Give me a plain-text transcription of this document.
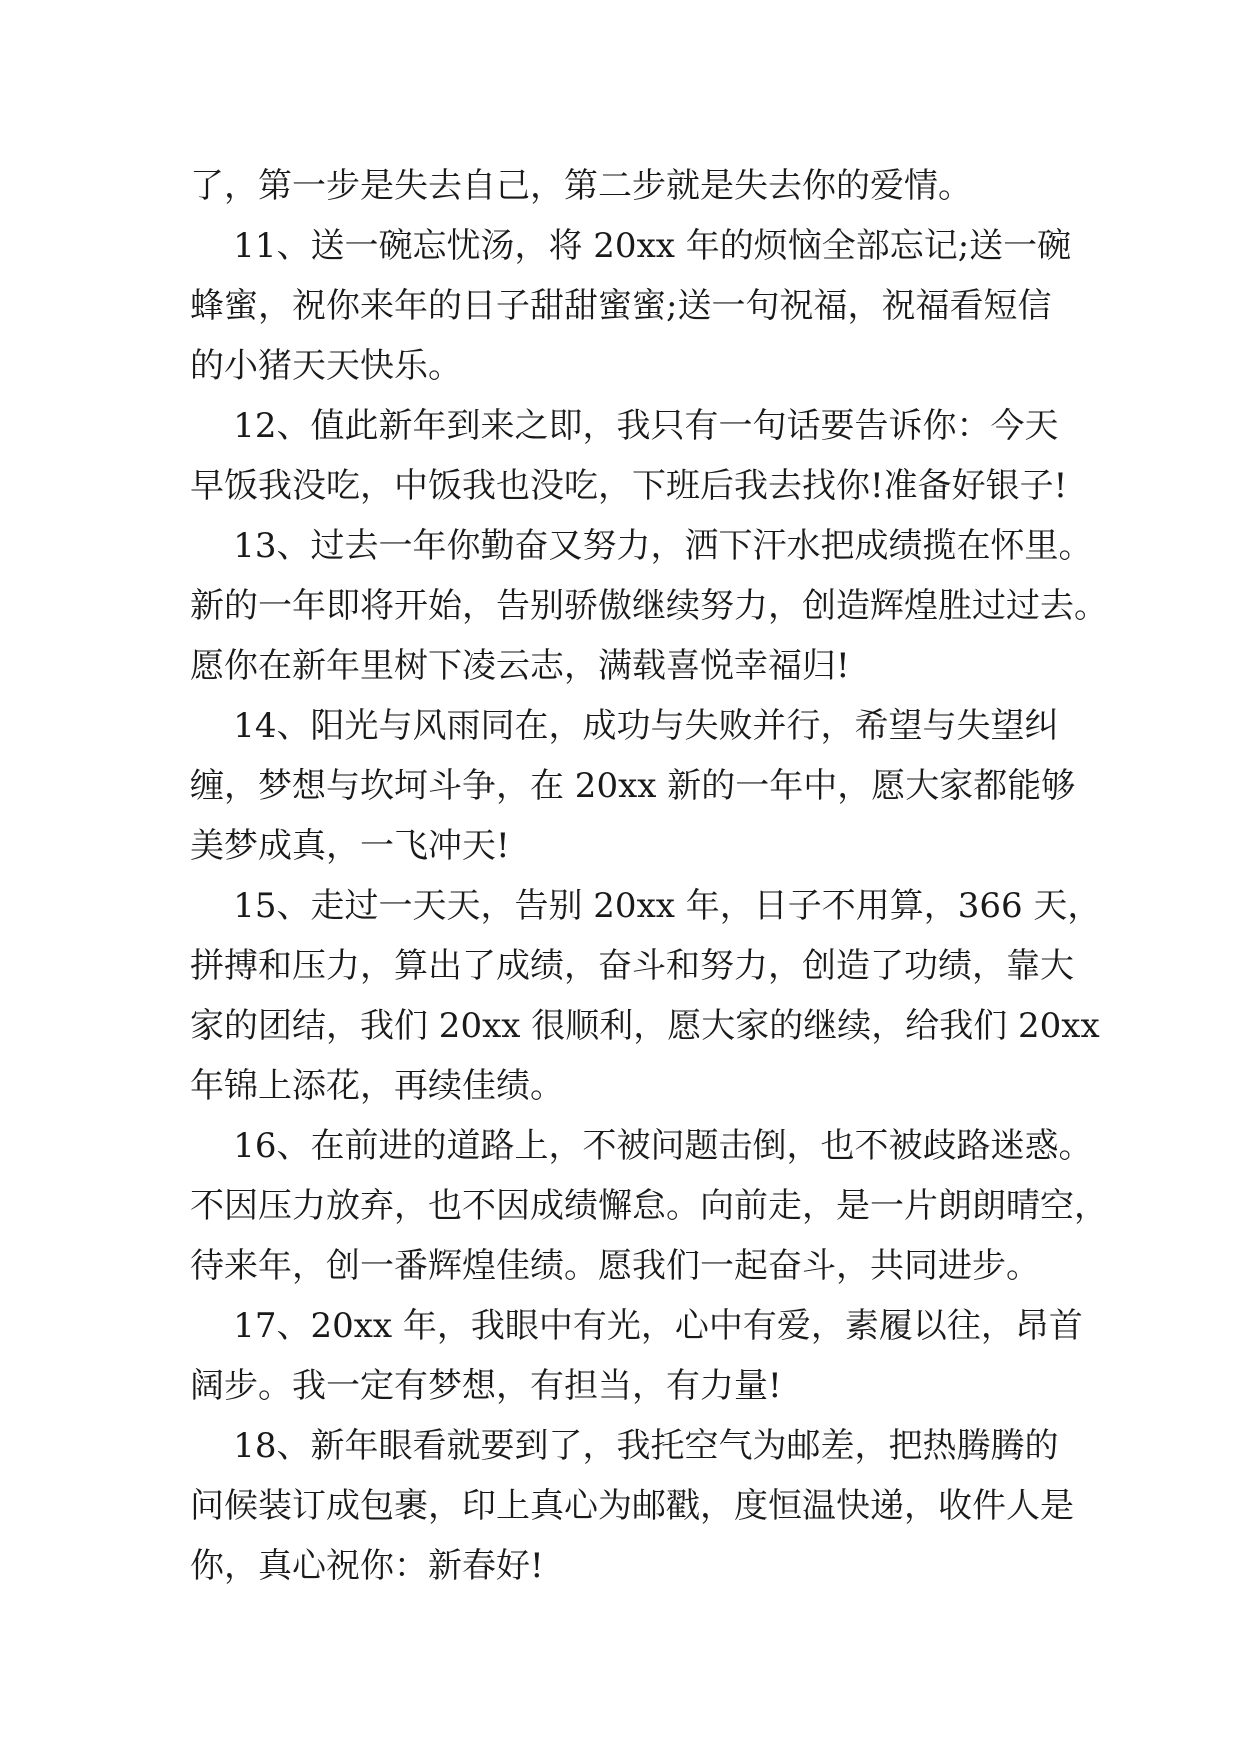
了，第一步是失去自己，第二步就是失去你的爱情。
11、送一碗忘忧汤，将 20xx 年的烦恼全部忘记;送一碗
蜂蜜，祝你来年的日子甜甜蜜蜜;送一句祝福，祝福看短信
的小猪天天快乐。
12、值此新年到来之即，我只有一句话要告诉你：今天
早饭我没吃，中饭我也没吃，下班后我去找你!准备好银子!
13、过去一年你勤奋又努力，洒下汗水把成绩揽在怀里。
新的一年即将开始，告别骄傲继续努力，创造辉煌胜过过去。
愿你在新年里树下凌云志，满载喜悦幸福归!
14、阳光与风雨同在，成功与失败并行，希望与失望纠
缠，梦想与坎坷斗争，在 20xx 新的一年中，愿大家都能够
美梦成真，一飞冲天!
15、走过一天天，告别 20xx 年，日子不用算，366 天，
拼搏和压力，算出了成绩，奋斗和努力，创造了功绩，靠大
家的团结，我们 20xx 很顺利，愿大家的继续，给我们 20xx
年锦上添花，再续佳绩。
16、在前进的道路上，不被问题击倒，也不被歧路迷惑。
不因压力放弃，也不因成绩懈怠。向前走，是一片朗朗晴空，
待来年，创一番辉煌佳绩。愿我们一起奋斗，共同进步。
17、20xx 年，我眼中有光，心中有爱，素履以往，昂首
阔步。我一定有梦想，有担当，有力量!
18、新年眼看就要到了，我托空气为邮差，把热腾腾的
问候装订成包裹，印上真心为邮戳，度恒温快递，收件人是
你，真心祝你：新春好!
